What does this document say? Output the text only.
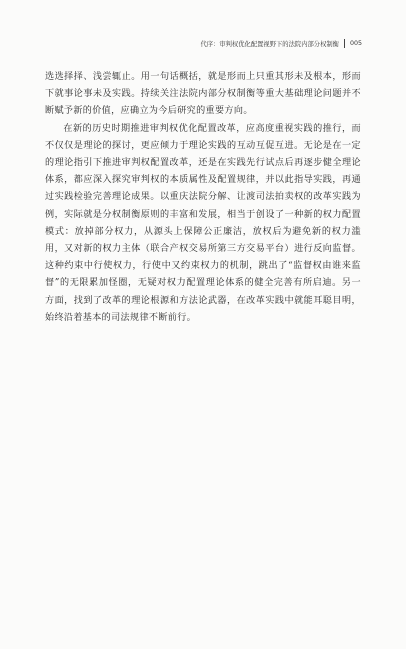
代序：审判权优化配置视野下的法院内部分权制衡 005

选选择择、浅尝辄止。用一句话概括，就是形而上只重其形未及根本，形而下就事论事未及实践。持续关注法院内部分权制衡等重大基础理论问题并不断赋予新的价值，应确立为今后研究的重要方向。

在新的历史时期推进审判权优化配置改革，应高度重视实践的推行，而不仅仅是理论的探讨，更应倾力于理论实践的互动互促互进。无论是在一定的理论指引下推进审判权配置改革，还是在实践先行试点后再逐步健全理论体系，都应深入探究审判权的本质属性及配置规律，并以此指导实践，再通过实践检验完善理论成果。以重庆法院分解、让渡司法拍卖权的改革实践为例，实际就是分权制衡原则的丰富和发展，相当于创设了一种新的权力配置模式：放掉部分权力，从源头上保障公正廉洁，放权后为避免新的权力滥用，又对新的权力主体（联合产权交易所第三方交易平台）进行反向监督。这种约束中行使权力，行使中又约束权力的机制，跳出了“监督权由谁来监督”的无限累加怪圈，无疑对权力配置理论体系的健全完善有所启迪。另一方面，找到了改革的理论根源和方法论武器，在改革实践中就能耳聪目明，始终沿着基本的司法规律不断前行。
